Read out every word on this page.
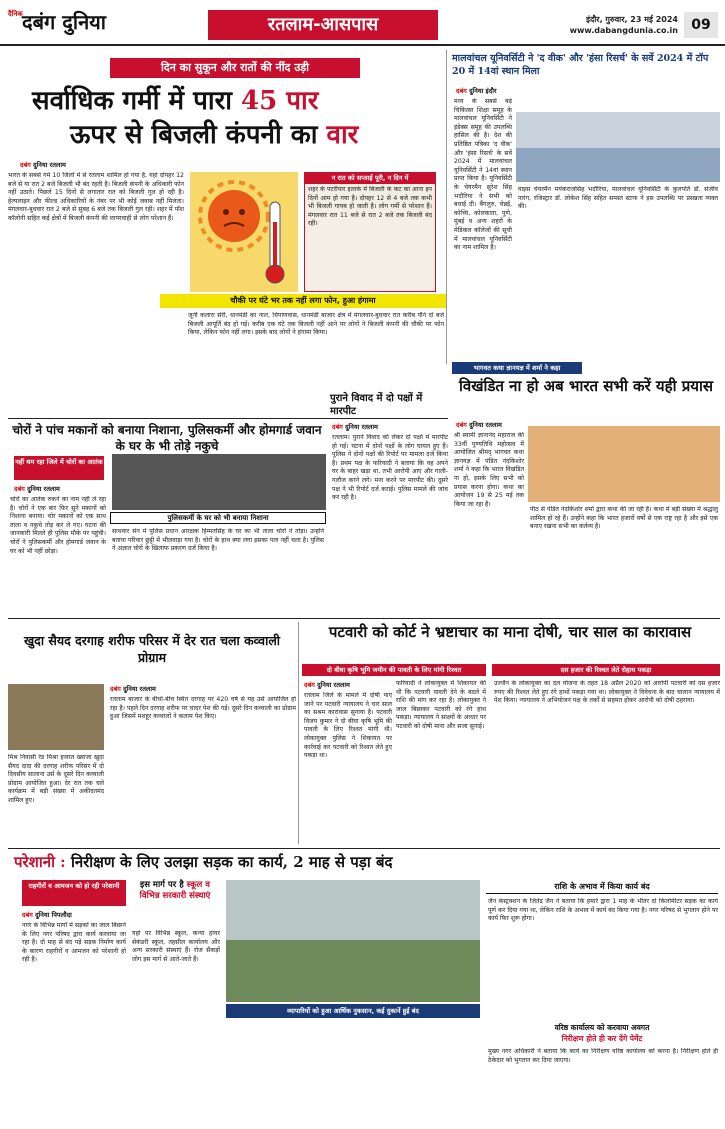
दैनिक दबंग दुनिया	रतलाम-आसपास	इंदौर, गुरुवार, 23 मई 2024
www.dabangdunia.co.in 09
दिन का सुकून और रातों की नींद उड़ी
सर्वाधिक गर्मी में पारा 45 पार
ऊपर से बिजली कंपनी का वार
दबंग दुनिया रतलाम
भारत के सबसे गर्म 10 जिलों में से रतलाम शामिल हो गया है, यहां दोपहर 12 बजे से या रात 2 बजे बिजली भी बंद रहती है। बिजली कंपनी के अधिकारी फोन नहीं उठाते। पिछले 15 दिनों से लगातार रात को बिजली गुल हो रही है। हेल्पलाइन और फील्ड अधिकारियों के नंबर पर भी कोई जवाब नहीं मिलता। मंगलवार-बुधवार रात 2 बजे से सुबह 6 बजे तक बिजली गुल रही। शहर में पॉश कॉलोनी सहित कई क्षेत्रों में बिजली कंपनी की लापरवाही से लोग परेशान हैं।
न रात को सप्लाई पूरी, न दिन में
शहर के पटरीपार इलाके में बिजली के कट का आना इन दिनों आम हो गया है। दोपहर 12 से 4 बजे तक कभी भी बिजली गायब हो जाती है। लोग गर्मी से परेशान हैं। मंगलवार रात 11 बजे से रात 2 बजे तक बिजली बंद रही।
चौकी पर घंटे भर तक नहीं लगा फोन, हुआ हंगामा
जूनी कलारा सेरी, धानमंडी का नाल, चिपाणवास, धानमंडी बाजार क्षेत्र में मंगलवार-बुधवार रात करीब पौने दो बजे बिजली आपूर्ति बंद हो गई। करीब एक घंटे तक बिजली नहीं आने पर लोगों ने बिजली कंपनी की चौकी पर फोन किया, लेकिन फोन नहीं लगा। इसके बाद लोगों ने हंगामा किया।
मालवांचल यूनिवर्सिटी ने 'द वीक' और 'हंसा रिसर्च' के सर्वे 2024 में टॉप 20 में 14वां स्थान मिला
दबंग दुनिया इंदौर
मध्य के सबसे बड़े चिकित्सा शिक्षा समूह के मालवांचल यूनिवर्सिटी ने इंडेक्स समूह की उपलब्धि हासिल की है। देश की प्रतिष्ठित पत्रिका 'द वीक' और 'हंसा रिसर्च' के सर्वे 2024 में मालवांचल यूनिवर्सिटी ने 14वां स्थान प्राप्त किया है। यूनिवर्सिटी के चेयरमैन सुरेश सिंह भदौरिया ने सभी को बधाई दी। बैंगलुरु, चेन्नई, कोच्चि, कोलकाता, पुणे, मुंबई व अन्य शहरों के मेडिकल कॉलेजों की सूची में मालवांचल यूनिवर्सिटी का नाम शामिल है।
वाइस चेयरमैन मयंकराजसिंह भदौरिया, मालवांचल यूनिवर्सिटी के कुलपति डॉ. संजीव नारंग, रजिस्ट्रार डॉ. लोकेश सिंह सहित समस्त स्टाफ ने इस उपलब्धि पर प्रसन्नता व्यक्त की।
भागवत कथा ज्ञानयज्ञ में शर्मा ने कहा
विखंडित ना हो अब भारत सभी करें यही प्रयास
दबंग दुनिया रतलाम
श्री स्वामी ज्ञानानंद महाराज की 33वीं पुण्यतिथि महोत्सव में आयोजित श्रीमद् भागवत कथा ज्ञानयज्ञ में पंडित नंदकिशोर शर्मा ने कहा कि भारत विखंडित ना हो, इसके लिए सभी को प्रयास करना होगा। कथा का आयोजन 19 से 25 मई तक किया जा रहा है।
पीठ से पंडित नंदकिशोर शर्मा द्वारा कथा की जा रही है। कथा में बड़ी संख्या में श्रद्धालु शामिल हो रहे हैं। उन्होंने कहा कि भारत हजारों वर्षों से एक राष्ट्र रहा है और इसे एक बनाए रखना सभी का कर्तव्य है।
चोरों ने पांच मकानों को बनाया निशाना, पुलिसकर्मी और होमगार्ड जवान के घर के भी तोड़े नकुचे
नहीं थम रहा जिले में चोरों का आतंक
दबंग दुनिया रतलाम
चोरों का आतंक रुकने का नाम नहीं ले रहा है। चोरों ने एक बार फिर सूने मकानों को निशाना बनाया। चोर मकानों को एक साथ ताला व नकुचे तोड़ कर ले गए। घटना की जानकारी मिलते ही पुलिस मौके पर पहुंची। चोरों ने पुलिसकर्मी और होमगार्ड जवान के घर को भी नहीं छोड़ा।
पुलिसकर्मी के घर को भी बनाया निशाना
साथवार सेन में पुलिस प्रधान आरक्षक हिम्मतसिंह के घर का भी ताला चोरों ने तोड़ा। उन्होंने बताया परिवार छुट्टी में भीलवाड़ा गया है। चोरों के हाथ क्या लगा इसका पता नहीं चला है। पुलिस ने अज्ञात चोरों के खिलाफ प्रकरण दर्ज किया है।
पुराने विवाद में दो पक्षों में मारपीट
दबंग दुनिया रतलाम
रतलाम। पुराने विवाद को लेकर दो पक्षों में मारपीट हो गई। घटना में दोनों पक्षों के लोग घायल हुए हैं। पुलिस ने दोनों पक्षों की रिपोर्ट पर मामला दर्ज किया है। प्रथम पक्ष के फरियादी ने बताया कि वह अपने घर के बाहर खड़ा था, तभी आरोपी आए और गाली-गलौज करने लगे। मना करने पर मारपीट की। दूसरे पक्ष ने भी रिपोर्ट दर्ज कराई। पुलिस मामले की जांच कर रही है।
खुदा सैयद दरगाह शरीफ परिसर में देर रात चला कव्वाली प्रोग्राम
दबंग दुनिया रतलाम
मिश्र निवासी रेड मिश्रा हजरत ख्वाजा खुदा सैयद दादा की दरगाह शरीफ परिसर में दो दिवसीय सालाना उर्स के दूसरे दिन कव्वाली प्रोग्राम आयोजित हुआ। देर रात तक चले कार्यक्रम में बड़ी संख्या में अकीदतमंद शामिल हुए।
रतलाम बाजार के बीचों-बीच स्थित दरगाह पर 420 वर्ष से यह उर्स आयोजित हो रहा है। पहले दिन दरगाह शरीफ पर चादर पेश की गई। दूसरे दिन कव्वाली का प्रोग्राम हुआ जिसमें मशहूर कव्वालों ने कलाम पेश किए।
पटवारी को कोर्ट ने भ्रष्टाचार का माना दोषी, चार साल का कारावास
दो बीघा कृषि भूमि जमीन की पावती के लिए मांगी रिश्वत	दस हजार की रिश्वत लेते रोहाथ पकड़ा
दबंग दुनिया रतलाम
रतलाम जिले के मामले में दोषी पाए जाने पर पटवारी न्यायालय ने चार साल का सश्रम कारावास सुनाया है। पटवारी विजय कुमार ने दो बीघा कृषि भूमि की पावती के लिए रिश्वत मांगी थी। लोकायुक्त पुलिस ने शिकायत पर कार्रवाई कर पटवारी को रिश्वत लेते हुए पकड़ा था।
फरियादी ने लोकायुक्त में शिकायत की थी कि पटवारी पावती देने के बदले में राशि की मांग कर रहा है। लोकायुक्त ने जाल बिछाकर पटवारी को रंगे हाथ पकड़ा। न्यायालय ने साक्ष्यों के आधार पर पटवारी को दोषी माना और सजा सुनाई।
उज्जैन के लोकायुक्त का दल योजना के तहत 18 अप्रैल 2020 को आरोपी पटवारी को दस हजार रुपए की रिश्वत लेते हुए रंगे हाथों पकड़ा गया था। लोकायुक्त ने विवेचना के बाद चालान न्यायालय में पेश किया। न्यायालय ने अभियोजन पक्ष के तर्कों से सहमत होकर आरोपी को दोषी ठहराया।
परेशानी : निरीक्षण के लिए उलझा सड़क का कार्य, 2 माह से पड़ा बंद
राहगीरों व आमजन को हो रही परेशानी	इस मार्ग पर है स्कूल व विभिन्न सरकारी संस्थाएं
दबंग दुनिया पिपलौदा
नगर के विभिन्न मार्गों में सड़कों का जाल बिछाने के लिए नगर परिषद द्वारा कार्य करवाया जा रहा है। दो माह से बंद पड़े सड़क निर्माण कार्य के कारण राहगीरों व आमजन को परेशानी हो रही है।
यहां पर विभिन्न स्कूल, कन्या हायर सेकंडरी स्कूल, तहसील कार्यालय और अन्य सरकारी संस्थाएं हैं। रोज सैकड़ों लोग इस मार्ग से आते-जाते हैं।
व्यापारियों को हुआ आर्थिक नुकसान, कई दुकानें हुई बंद
राशि के अभाव में किया कार्य बंद
जैन कंस्ट्रक्शन के जितेंद्र जैन ने बताया कि हमारे द्वारा 1 माह के भीतर दो किलोमीटर सड़क का कार्य पूर्ण कर दिया गया था, लेकिन राशि के अभाव में कार्य बंद किया गया है। नगर परिषद से भुगतान होने पर कार्य फिर शुरू होगा।
वरिष्ठ कार्यालय को करवाया अवगत
निरीक्षण होते ही कर देंगे पेमेंट
मुख्य नगर अधिकारी ने बताया कि कार्य का निरीक्षण वरिष्ठ कार्यालय को करना है। निरीक्षण होते ही ठेकेदार को भुगतान कर दिया जाएगा।
